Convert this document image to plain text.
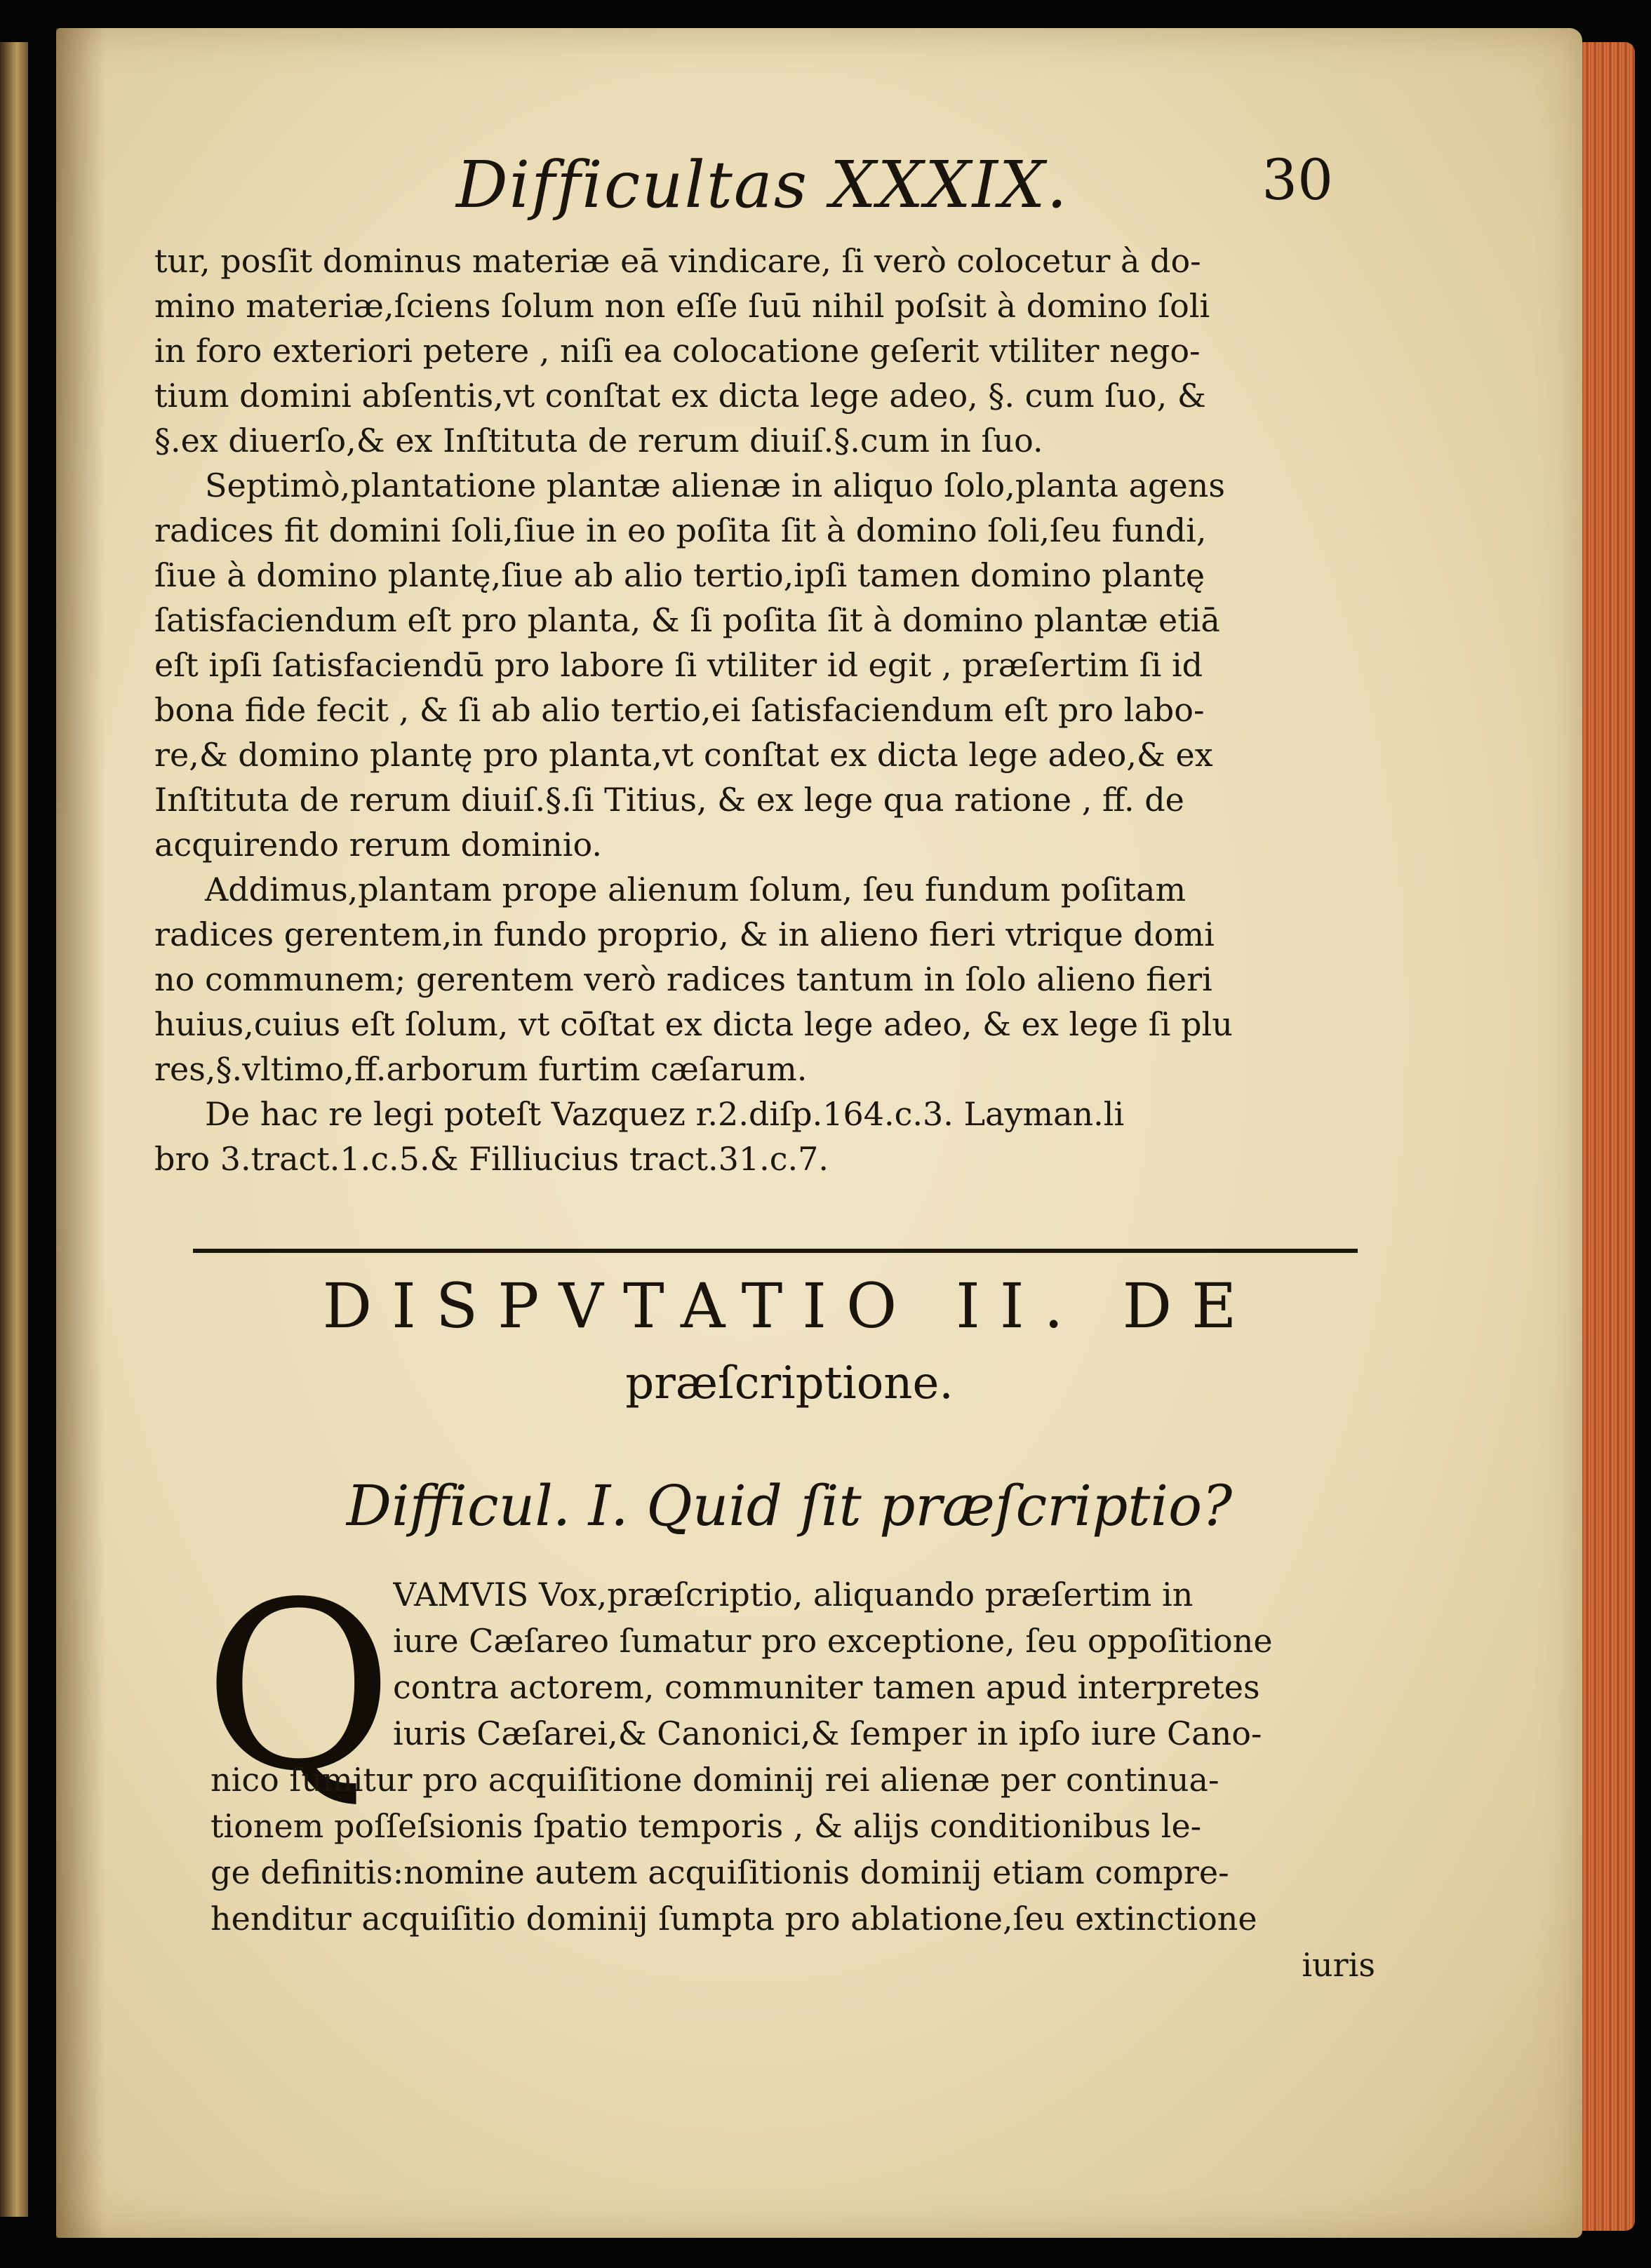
Difficultas XXXIX.	30
tur, posſit dominus materiæ eā vindicare, ſi verò colocetur à do-
mino materiæ,ſciens ſolum non eſſe ſuū nihil poſsit à domino ſoli
in foro exteriori petere , niſi ea colocatione geſerit vtiliter nego-
tium domini abſentis,vt conſtat ex dicta lege adeo, §. cum ſuo, &
§.ex diuerſo,& ex Inſtituta de rerum diuiſ.§.cum in ſuo.
Septimò,plantatione plantæ alienæ in aliquo ſolo,planta agens
radices fit domini ſoli,ſiue in eo poſita ſit à domino ſoli,ſeu fundi,
ſiue à domino plantę,ſiue ab alio tertio,ipſi tamen domino plantę
ſatisfaciendum eſt pro planta, & ſi poſita ſit à domino plantæ etiā
eſt ipſi ſatisfaciendū pro labore ſi vtiliter id egit , præſertim ſi id
bona fide fecit , & ſi ab alio tertio,ei ſatisfaciendum eſt pro labo-
re,& domino plantę pro planta,vt conſtat ex dicta lege adeo,& ex
Inſtituta de rerum diuiſ.§.ſi Titius, & ex lege qua ratione , ff. de
acquirendo rerum dominio.
Addimus,plantam prope alienum ſolum, ſeu fundum poſitam
radices gerentem,in fundo proprio, & in alieno fieri vtrique domi
no communem; gerentem verò radices tantum in ſolo alieno fieri
huius,cuius eſt ſolum, vt cōſtat ex dicta lege adeo, & ex lege ſi plu
res,§.vltimo,ff.arborum furtim cæſarum.
De hac re legi poteſt Vazquez r.2.diſp.164.c.3. Layman.li
bro 3.tract.1.c.5.& Filliucius tract.31.c.7.
DISPVTATIO II. DE
præſcriptione.
Difficul. I. Quid ſit præſcriptio?
Q VAMVIS Vox,præſcriptio, aliquando præſertim in
iure Cæſareo ſumatur pro exceptione, ſeu oppoſitione
contra actorem, communiter tamen apud interpretes
iuris Cæſarei,& Canonici,& ſemper in ipſo iure Cano-
nico ſumitur pro acquiſitione dominij rei alienæ per continua-
tionem poſſeſsionis ſpatio temporis , & alijs conditionibus le-
ge definitis:nomine autem acquiſitionis dominij etiam compre-
henditur acquiſitio dominij ſumpta pro ablatione,ſeu extinctione
iuris
